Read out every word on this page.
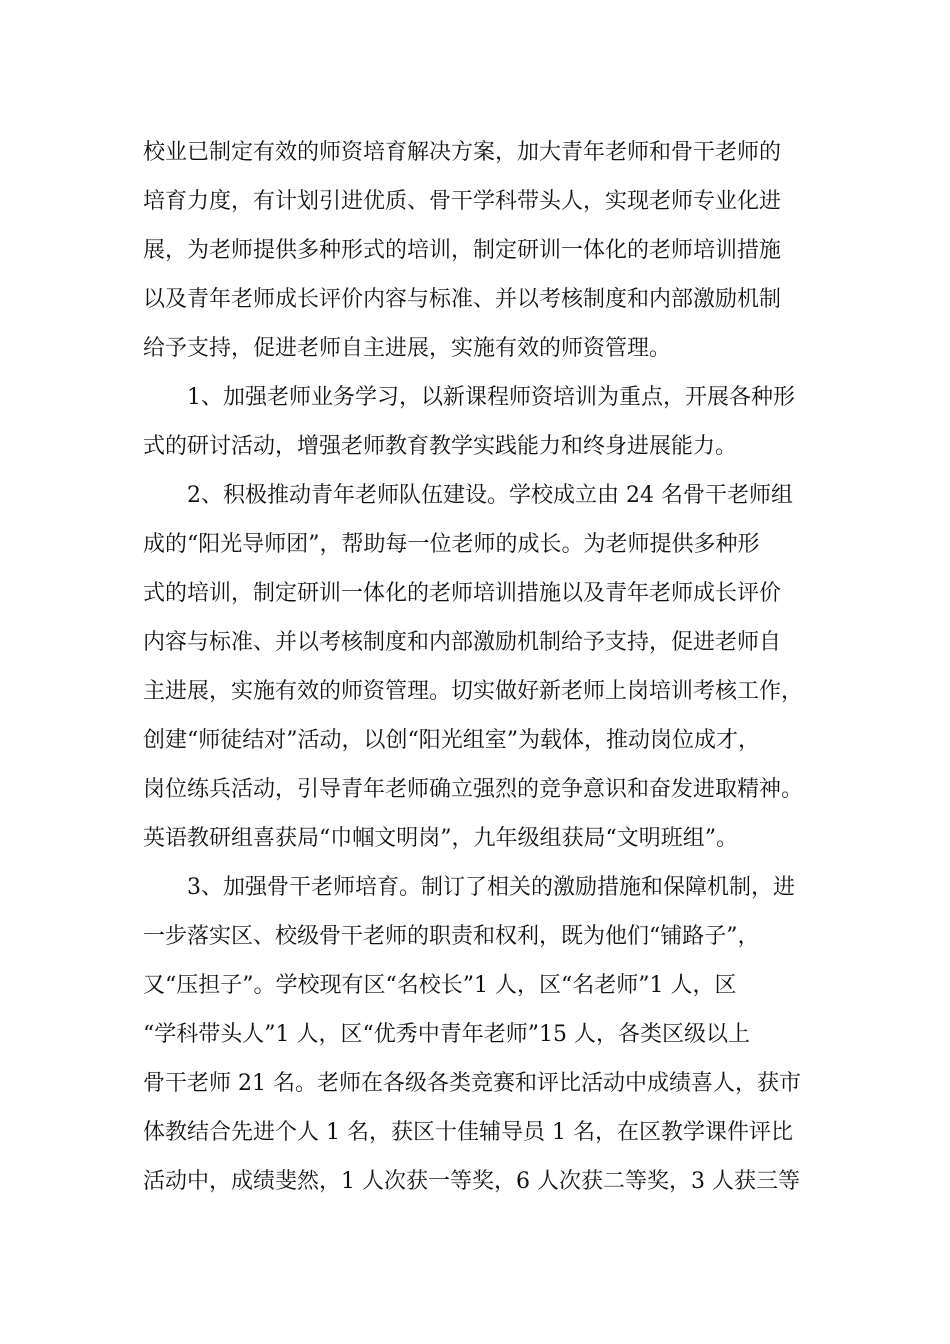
校业已制定有效的师资培育解决方案，加大青年老师和骨干老师的
培育力度，有计划引进优质、骨干学科带头人，实现老师专业化进
展，为老师提供多种形式的培训，制定研训一体化的老师培训措施
以及青年老师成长评价内容与标准、并以考核制度和内部激励机制
给予支持，促进老师自主进展，实施有效的师资管理。
1、加强老师业务学习，以新课程师资培训为重点，开展各种形
式的研讨活动，增强老师教育教学实践能力和终身进展能力。
2、积极推动青年老师队伍建设。学校成立由 24 名骨干老师组
成的“阳光导师团”，帮助每一位老师的成长。为老师提供多种形
式的培训，制定研训一体化的老师培训措施以及青年老师成长评价
内容与标准、并以考核制度和内部激励机制给予支持，促进老师自
主进展，实施有效的师资管理。切实做好新老师上岗培训考核工作，
创建“师徒结对”活动，以创“阳光组室”为载体，推动岗位成才，
岗位练兵活动，引导青年老师确立强烈的竞争意识和奋发进取精神。
英语教研组喜获局“巾帼文明岗”，九年级组获局“文明班组”。
3、加强骨干老师培育。制订了相关的激励措施和保障机制，进
一步落实区、校级骨干老师的职责和权利，既为他们“铺路子”，
又“压担子”。学校现有区“名校长”1 人，区“名老师”1 人，区
“学科带头人”1 人，区“优秀中青年老师”15 人，各类区级以上
骨干老师 21 名。老师在各级各类竞赛和评比活动中成绩喜人，获市
体教结合先进个人 1 名，获区十佳辅导员 1 名，在区教学课件评比
活动中，成绩斐然，1 人次获一等奖，6 人次获二等奖，3 人获三等
